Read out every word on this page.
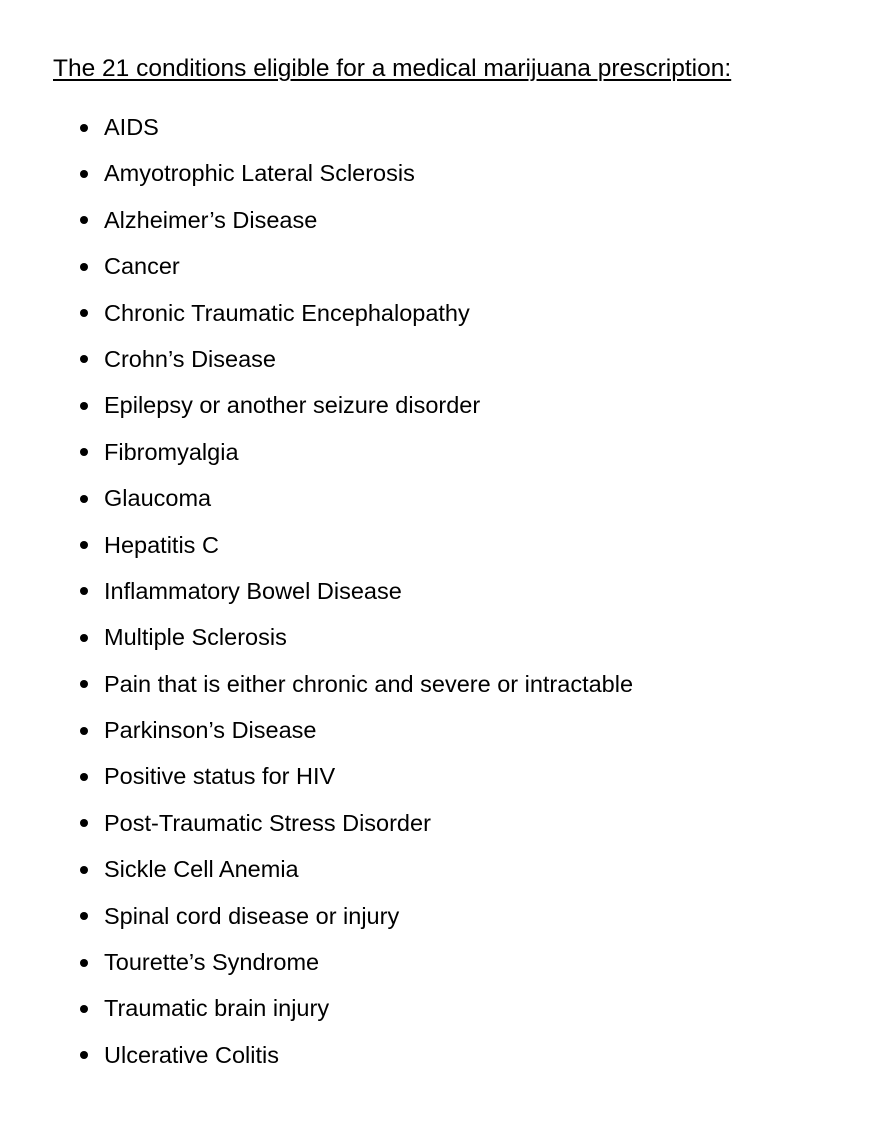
The 21 conditions eligible for a medical marijuana prescription:
AIDS
Amyotrophic Lateral Sclerosis
Alzheimer’s Disease
Cancer
Chronic Traumatic Encephalopathy
Crohn’s Disease
Epilepsy or another seizure disorder
Fibromyalgia
Glaucoma
Hepatitis C
Inflammatory Bowel Disease
Multiple Sclerosis
Pain that is either chronic and severe or intractable
Parkinson’s Disease
Positive status for HIV
Post-Traumatic Stress Disorder
Sickle Cell Anemia
Spinal cord disease or injury
Tourette’s Syndrome
Traumatic brain injury
Ulcerative Colitis
